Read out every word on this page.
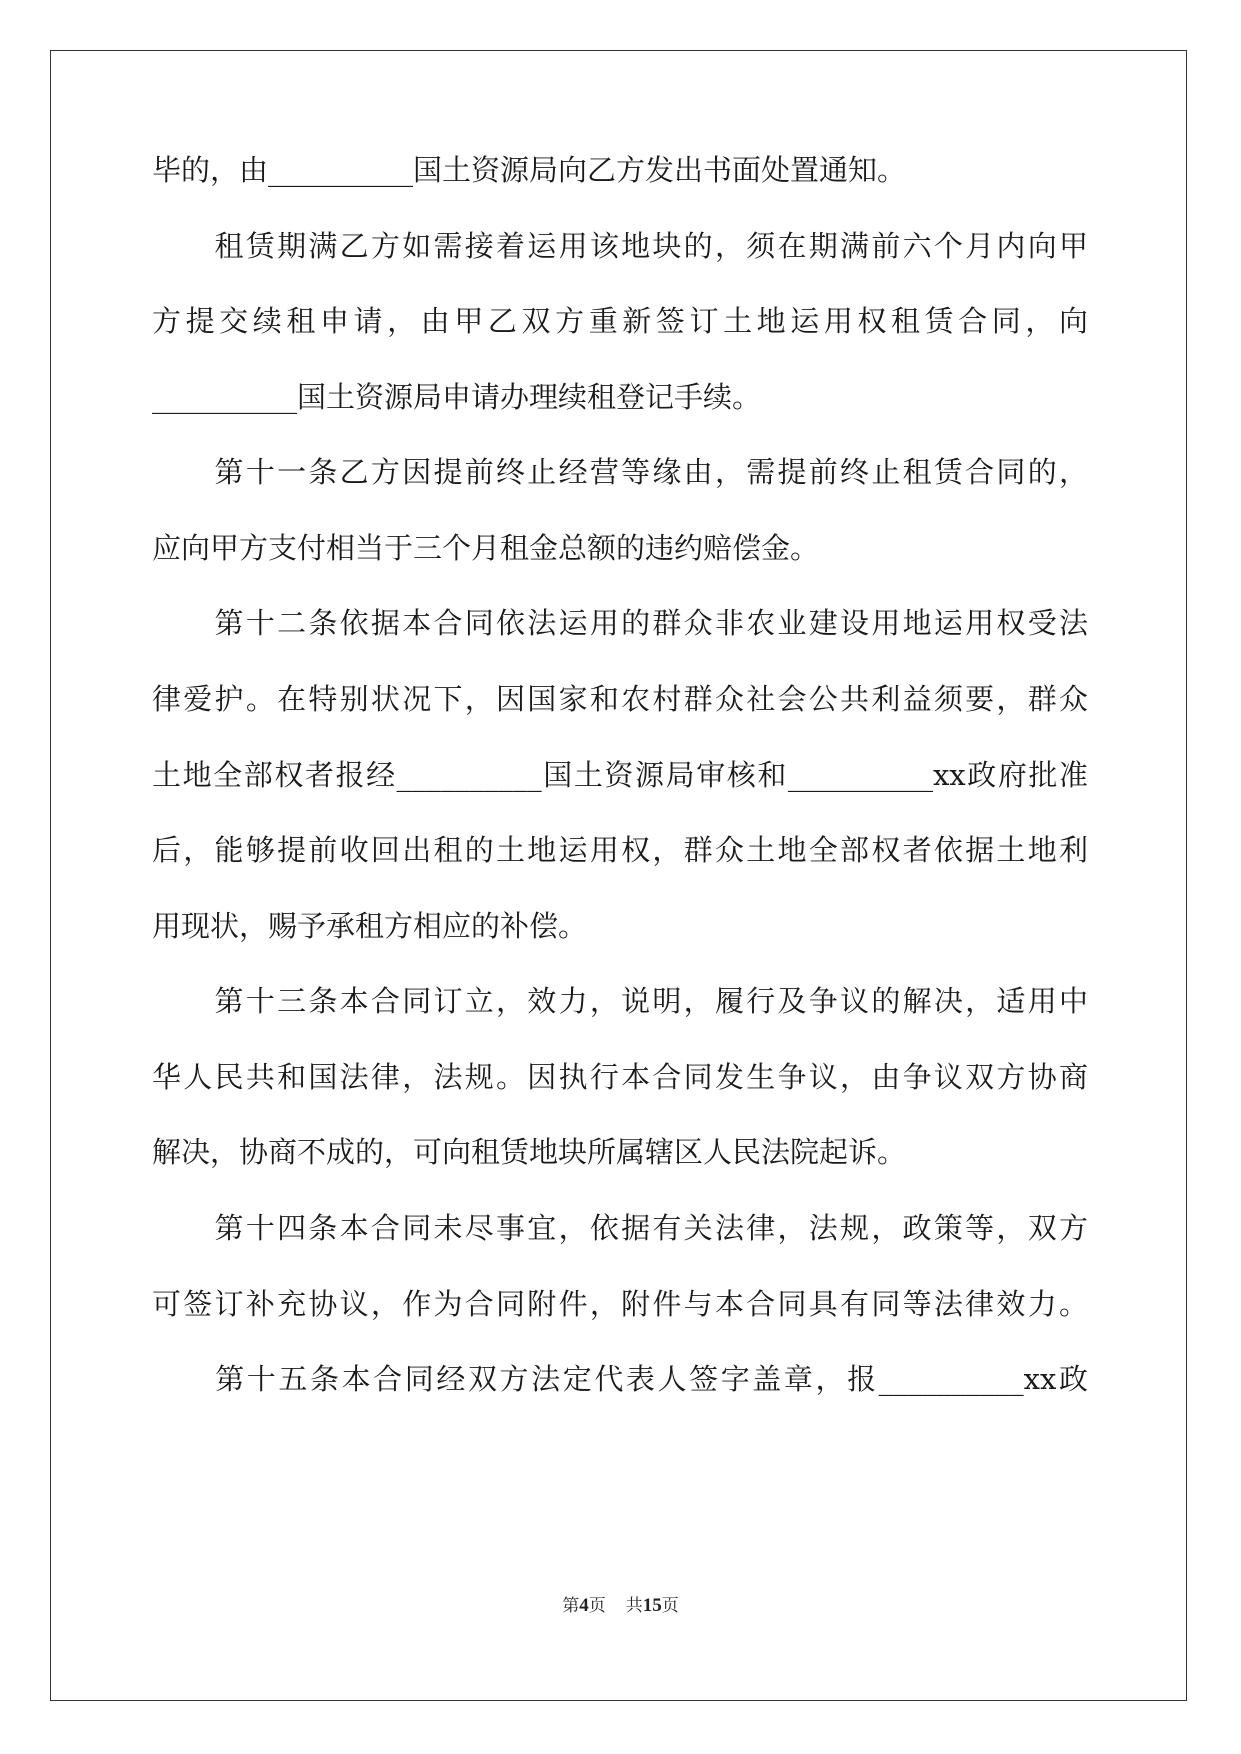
毕的，由__________国土资源局向乙方发出书面处置通知。
　　租赁期满乙方如需接着运用该地块的，须在期满前六个月内向甲
方提交续租申请，由甲乙双方重新签订土地运用权租赁合同，向
__________国土资源局申请办理续租登记手续。
　　第十一条乙方因提前终止经营等缘由，需提前终止租赁合同的，
应向甲方支付相当于三个月租金总额的违约赔偿金。
　　第十二条依据本合同依法运用的群众非农业建设用地运用权受法
律爱护。在特别状况下，因国家和农村群众社会公共利益须要，群众
土地全部权者报经__________国土资源局审核和__________xx政府批准
后，能够提前收回出租的土地运用权，群众土地全部权者依据土地利
用现状，赐予承租方相应的补偿。
　　第十三条本合同订立，效力，说明，履行及争议的解决，适用中
华人民共和国法律，法规。因执行本合同发生争议，由争议双方协商
解决，协商不成的，可向租赁地块所属辖区人民法院起诉。
　　第十四条本合同未尽事宜，依据有关法律，法规，政策等，双方
可签订补充协议，作为合同附件，附件与本合同具有同等法律效力。
　　第十五条本合同经双方法定代表人签字盖章，报__________xx政
第4页 共15页
